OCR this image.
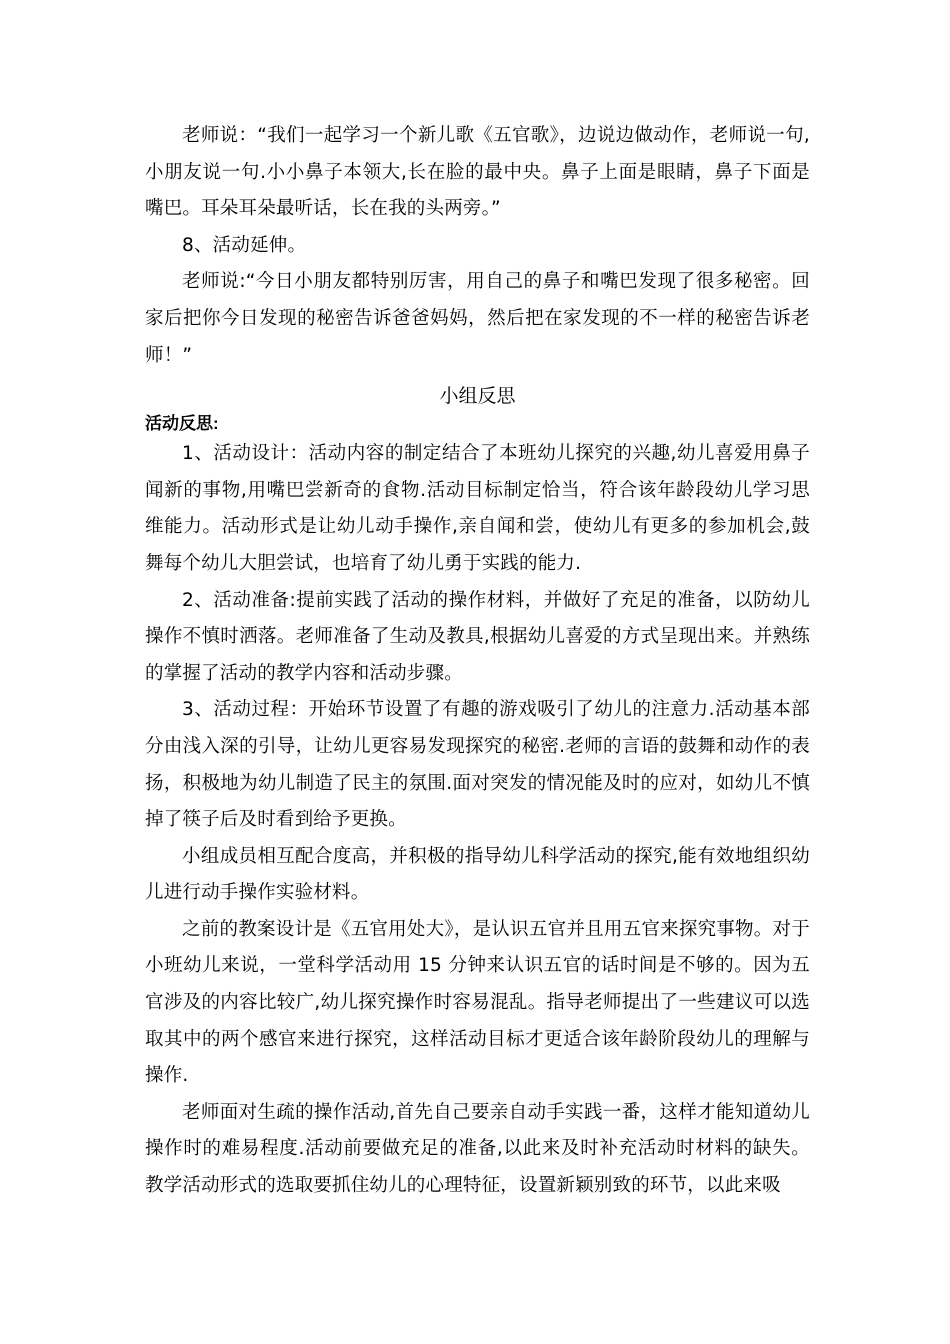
老师说：“我们一起学习一个新儿歌《五官歌》，边说边做动作，老师说一句,小朋友说一句.小小鼻子本领大,长在脸的最中央。鼻子上面是眼睛，鼻子下面是嘴巴。耳朵耳朵最听话，长在我的头两旁。”

8、活动延伸。

老师说:“今日小朋友都特别厉害，用自己的鼻子和嘴巴发现了很多秘密。回家后把你今日发现的秘密告诉爸爸妈妈，然后把在家发现的不一样的秘密告诉老师！”

小组反思
活动反思:

1、活动设计：活动内容的制定结合了本班幼儿探究的兴趣,幼儿喜爱用鼻子闻新的事物,用嘴巴尝新奇的食物.活动目标制定恰当，符合该年龄段幼儿学习思维能力。活动形式是让幼儿动手操作,亲自闻和尝，使幼儿有更多的参加机会,鼓舞每个幼儿大胆尝试，也培育了幼儿勇于实践的能力.

2、活动准备:提前实践了活动的操作材料，并做好了充足的准备，以防幼儿操作不慎时洒落。老师准备了生动及教具,根据幼儿喜爱的方式呈现出来。并熟练的掌握了活动的教学内容和活动步骤。

3、活动过程：开始环节设置了有趣的游戏吸引了幼儿的注意力.活动基本部分由浅入深的引导，让幼儿更容易发现探究的秘密.老师的言语的鼓舞和动作的表扬，积极地为幼儿制造了民主的氛围.面对突发的情况能及时的应对，如幼儿不慎掉了筷子后及时看到给予更换。

小组成员相互配合度高，并积极的指导幼儿科学活动的探究,能有效地组织幼儿进行动手操作实验材料。

之前的教案设计是《五官用处大》，是认识五官并且用五官来探究事物。对于小班幼儿来说，一堂科学活动用 15 分钟来认识五官的话时间是不够的。因为五官涉及的内容比较广,幼儿探究操作时容易混乱。指导老师提出了一些建议可以选取其中的两个感官来进行探究，这样活动目标才更适合该年龄阶段幼儿的理解与操作.

老师面对生疏的操作活动,首先自己要亲自动手实践一番，这样才能知道幼儿操作时的难易程度.活动前要做充足的准备,以此来及时补充活动时材料的缺失。教学活动形式的选取要抓住幼儿的心理特征，设置新颖别致的环节，以此来吸
